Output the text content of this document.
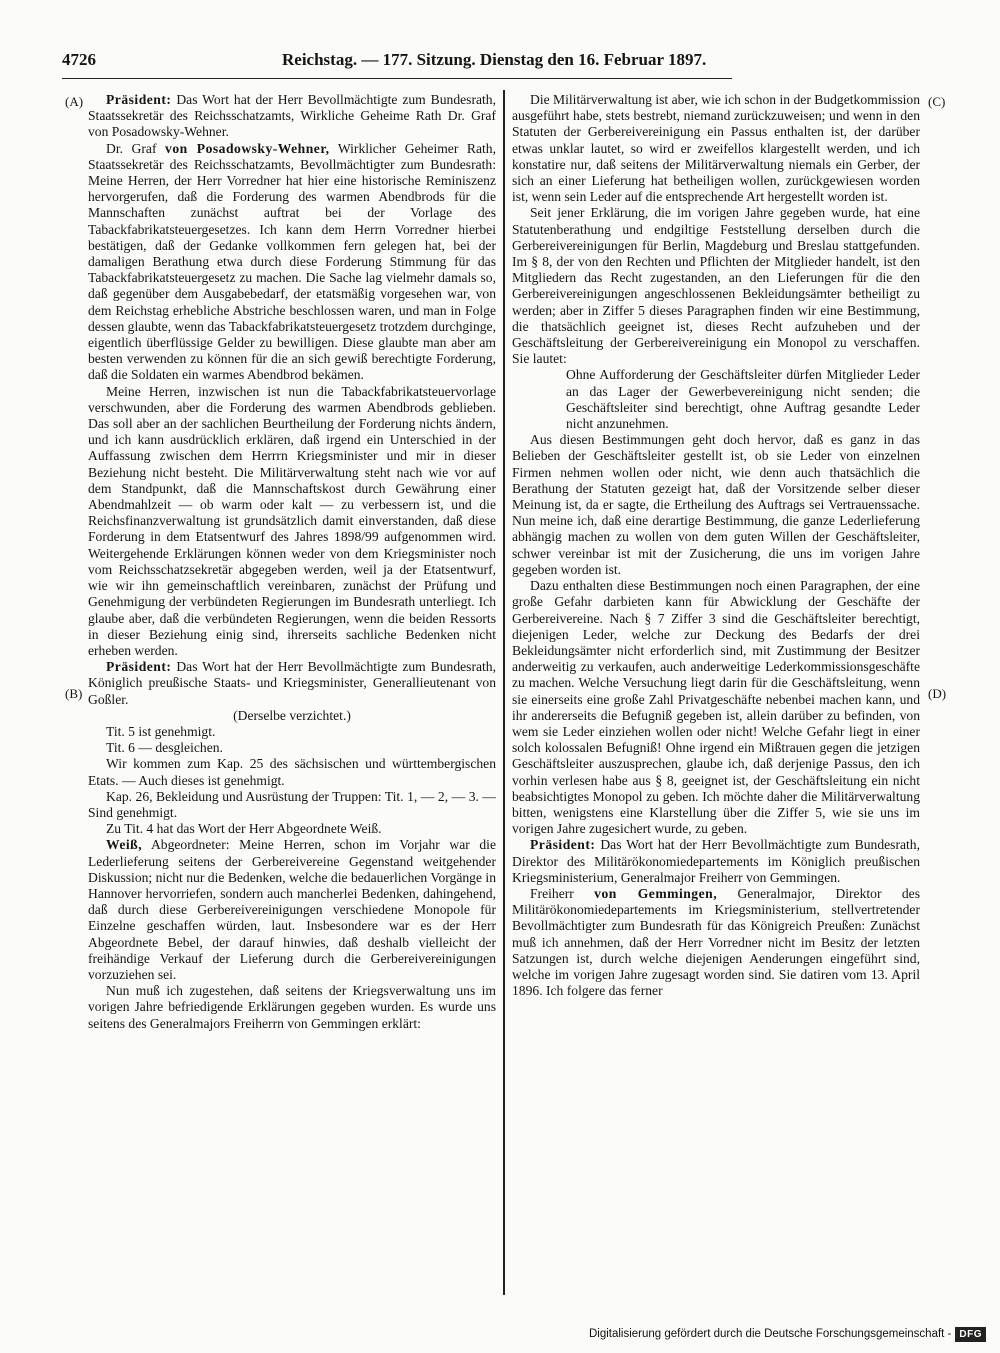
4726	Reichstag. — 177. Sitzung. Dienstag den 16. Februar 1897.
(A)
(B)
(C)
(D)

Präsident: Das Wort hat der Herr Bevollmächtigte zum Bundesrath, Staatssekretär des Reichsschatzamts, Wirkliche Geheime Rath Dr. Graf von Posadowsky-Wehner.

Dr. Graf von Posadowsky-Wehner, Wirklicher Geheimer Rath, Staatssekretär des Reichsschatzamts, Bevollmächtigter zum Bundesrath: Meine Herren, der Herr Vorredner hat hier eine historische Reminiszenz hervorgerufen, daß die Forderung des warmen Abendbrods für die Mannschaften zunächst auftrat bei der Vorlage des Tabackfabrikatsteuergesetzes. Ich kann dem Herrn Vorredner hierbei bestätigen, daß der Gedanke vollkommen fern gelegen hat, bei der damaligen Berathung etwa durch diese Forderung Stimmung für das Tabackfabrikatsteuergesetz zu machen. Die Sache lag vielmehr damals so, daß gegenüber dem Ausgabebedarf, der etatsmäßig vorgesehen war, von dem Reichstag erhebliche Abstriche beschlossen waren, und man in Folge dessen glaubte, wenn das Tabackfabrikatsteuergesetz trotzdem durchginge, eigentlich überflüssige Gelder zu bewilligen. Diese glaubte man aber am besten verwenden zu können für die an sich gewiß berechtigte Forderung, daß die Soldaten ein warmes Abendbrod bekämen.

Meine Herren, inzwischen ist nun die Tabackfabrikatsteuervorlage verschwunden, aber die Forderung des warmen Abendbrods geblieben. Das soll aber an der sachlichen Beurtheilung der Forderung nichts ändern, und ich kann ausdrücklich erklären, daß irgend ein Unterschied in der Auffassung zwischen dem Herrrn Kriegsminister und mir in dieser Beziehung nicht besteht. Die Militärverwaltung steht nach wie vor auf dem Standpunkt, daß die Mannschaftskost durch Gewährung einer Abendmahlzeit — ob warm oder kalt — zu verbessern ist, und die Reichsfinanzverwaltung ist grundsätzlich damit einverstanden, daß diese Forderung in dem Etatsentwurf des Jahres 1898/99 aufgenommen wird. Weitergehende Erklärungen können weder von dem Kriegsminister noch vom Reichsschatzsekretär abgegeben werden, weil ja der Etatsentwurf, wie wir ihn gemeinschaftlich vereinbaren, zunächst der Prüfung und Genehmigung der verbündeten Regierungen im Bundesrath unterliegt. Ich glaube aber, daß die verbündeten Regierungen, wenn die beiden Ressorts in dieser Beziehung einig sind, ihrerseits sachliche Bedenken nicht erheben werden.

Präsident: Das Wort hat der Herr Bevollmächtigte zum Bundesrath, Königlich preußische Staats- und Kriegsminister, Generallieutenant von Goßler.

(Derselbe verzichtet.)

Tit. 5 ist genehmigt.

Tit. 6 — desgleichen.

Wir kommen zum Kap. 25 des sächsischen und württembergischen Etats. — Auch dieses ist genehmigt.

Kap. 26, Bekleidung und Ausrüstung der Truppen: Tit. 1, — 2, — 3. — Sind genehmigt.

Zu Tit. 4 hat das Wort der Herr Abgeordnete Weiß.

Weiß, Abgeordneter: Meine Herren, schon im Vorjahr war die Lederlieferung seitens der Gerbereivereine Gegenstand weitgehender Diskussion; nicht nur die Bedenken, welche die bedauerlichen Vorgänge in Hannover hervorriefen, sondern auch mancherlei Bedenken, dahingehend, daß durch diese Gerbereivereinigungen verschiedene Monopole für Einzelne geschaffen würden, laut. Insbesondere war es der Herr Abgeordnete Bebel, der darauf hinwies, daß deshalb vielleicht der freihändige Verkauf der Lieferung durch die Gerbereivereinigungen vorzuziehen sei.

Nun muß ich zugestehen, daß seitens der Kriegsverwaltung uns im vorigen Jahre befriedigende Erklärungen gegeben wurden. Es wurde uns seitens des Generalmajors Freiherrn von Gemmingen erklärt:

Die Militärverwaltung ist aber, wie ich schon in der Budgetkommission ausgeführt habe, stets bestrebt, niemand zurückzuweisen; und wenn in den Statuten der Gerbereivereinigung ein Passus enthalten ist, der darüber etwas unklar lautet, so wird er zweifellos klargestellt werden, und ich konstatire nur, daß seitens der Militärverwaltung niemals ein Gerber, der sich an einer Lieferung hat betheiligen wollen, zurückgewiesen worden ist, wenn sein Leder auf die entsprechende Art hergestellt worden ist.

Seit jener Erklärung, die im vorigen Jahre gegeben wurde, hat eine Statutenberathung und endgiltige Feststellung derselben durch die Gerbereivereinigungen für Berlin, Magdeburg und Breslau stattgefunden. Im § 8, der von den Rechten und Pflichten der Mitglieder handelt, ist den Mitgliedern das Recht zugestanden, an den Lieferungen für die den Gerbereivereinigungen angeschlossenen Bekleidungsämter betheiligt zu werden; aber in Ziffer 5 dieses Paragraphen finden wir eine Bestimmung, die thatsächlich geeignet ist, dieses Recht aufzuheben und der Geschäftsleitung der Gerbereivereinigung ein Monopol zu verschaffen. Sie lautet:

Ohne Aufforderung der Geschäftsleiter dürfen Mitglieder Leder an das Lager der Gewerbevereinigung nicht senden; die Geschäftsleiter sind berechtigt, ohne Auftrag gesandte Leder nicht anzunehmen.

Aus diesen Bestimmungen geht doch hervor, daß es ganz in das Belieben der Geschäftsleiter gestellt ist, ob sie Leder von einzelnen Firmen nehmen wollen oder nicht, wie denn auch thatsächlich die Berathung der Statuten gezeigt hat, daß der Vorsitzende selber dieser Meinung ist, da er sagte, die Ertheilung des Auftrags sei Vertrauenssache. Nun meine ich, daß eine derartige Bestimmung, die ganze Lederlieferung abhängig machen zu wollen von dem guten Willen der Geschäftsleiter, schwer vereinbar ist mit der Zusicherung, die uns im vorigen Jahre gegeben worden ist.

Dazu enthalten diese Bestimmungen noch einen Paragraphen, der eine große Gefahr darbieten kann für Abwicklung der Geschäfte der Gerbereivereine. Nach § 7 Ziffer 3 sind die Geschäftsleiter berechtigt, diejenigen Leder, welche zur Deckung des Bedarfs der drei Bekleidungsämter nicht erforderlich sind, mit Zustimmung der Besitzer anderweitig zu verkaufen, auch anderweitige Lederkommissionsgeschäfte zu machen. Welche Versuchung liegt darin für die Geschäftsleitung, wenn sie einerseits eine große Zahl Privatgeschäfte nebenbei machen kann, und ihr andererseits die Befugniß gegeben ist, allein darüber zu befinden, von wem sie Leder einziehen wollen oder nicht! Welche Gefahr liegt in einer solch kolossalen Befugniß! Ohne irgend ein Mißtrauen gegen die jetzigen Geschäftsleiter auszusprechen, glaube ich, daß derjenige Passus, den ich vorhin verlesen habe aus § 8, geeignet ist, der Geschäftsleitung ein nicht beabsichtigtes Monopol zu geben. Ich möchte daher die Militärverwaltung bitten, wenigstens eine Klarstellung über die Ziffer 5, wie sie uns im vorigen Jahre zugesichert wurde, zu geben.

Präsident: Das Wort hat der Herr Bevollmächtigte zum Bundesrath, Direktor des Militärökonomiedepartements im Königlich preußischen Kriegsministerium, Generalmajor Freiherr von Gemmingen.

Freiherr von Gemmingen, Generalmajor, Direktor des Militärökonomiedepartements im Kriegsministerium, stellvertretender Bevollmächtigter zum Bundesrath für das Königreich Preußen: Zunächst muß ich annehmen, daß der Herr Vorredner nicht im Besitz der letzten Satzungen ist, durch welche diejenigen Aenderungen eingeführt sind, welche im vorigen Jahre zugesagt worden sind. Sie datiren vom 13. April 1896. Ich folgere das ferner

Digitalisierung gefördert durch die Deutsche Forschungsgemeinschaft - DFG
